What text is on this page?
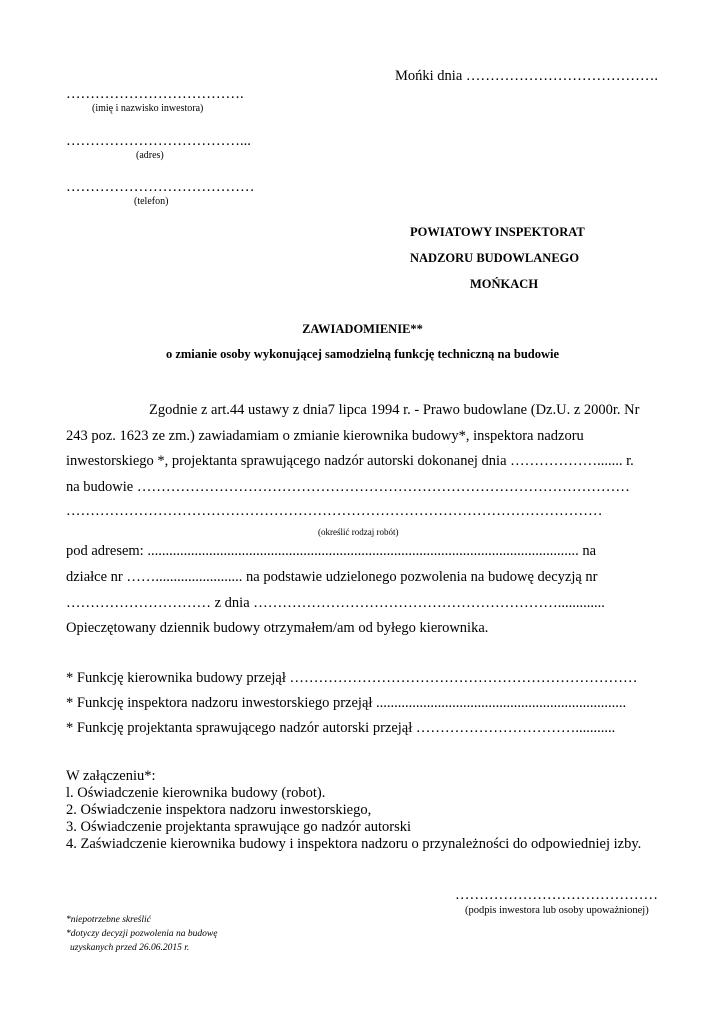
Mońki dnia ………………………………….
……………………………….
(imię i nazwisko inwestora)
………………………………...
(adres)
…………………………………
(telefon)
POWIATOWY INSPEKTORAT
NADZORU BUDOWLANEGO
MOŃKACH
ZAWIADOMIENIE**
o zmianie osoby wykonującej samodzielną funkcję techniczną na budowie
Zgodnie z art.44 ustawy z dnia7 lipca 1994 r. - Prawo budowlane (Dz.U. z 2000r. Nr
243 poz. 1623 ze zm.) zawiadamiam o zmianie kierownika budowy*, inspektora nadzoru
inwestorskiego *, projektanta sprawującego nadzór autorski dokonanej dnia ………………....... r.
na budowie …………………………………………………………………………………………
…………………………………………………………………………………………………
(określić rodzaj robót)
pod adresem: ....................................................................................................................... na
działce nr ……........................ na podstawie udzielonego pozwolenia na budowę decyzją nr
………………………… z dnia ……………………………………………………….............
Opieczętowany dziennik budowy otrzymałem/am od byłego kierownika.
* Funkcję kierownika budowy przejął ………………………………………………………………
* Funkcję inspektora nadzoru inwestorskiego przejął .....................................................................
* Funkcję projektanta sprawującego nadzór autorski przejął ……………………………...........
W załączeniu*:
l. Oświadczenie kierownika budowy (robot).
2. Oświadczenie inspektora nadzoru inwestorskiego,
3. Oświadczenie projektanta sprawujące go nadzór autorski
4. Zaświadczenie kierownika budowy i inspektora nadzoru o przynależności do odpowiedniej izby.
……………………………………
(podpis inwestora lub osoby upoważnionej)
*niepotrzebne skreślić
*dotyczy decyzji pozwolenia na budowę
uzyskanych przed 26.06.2015 r.
